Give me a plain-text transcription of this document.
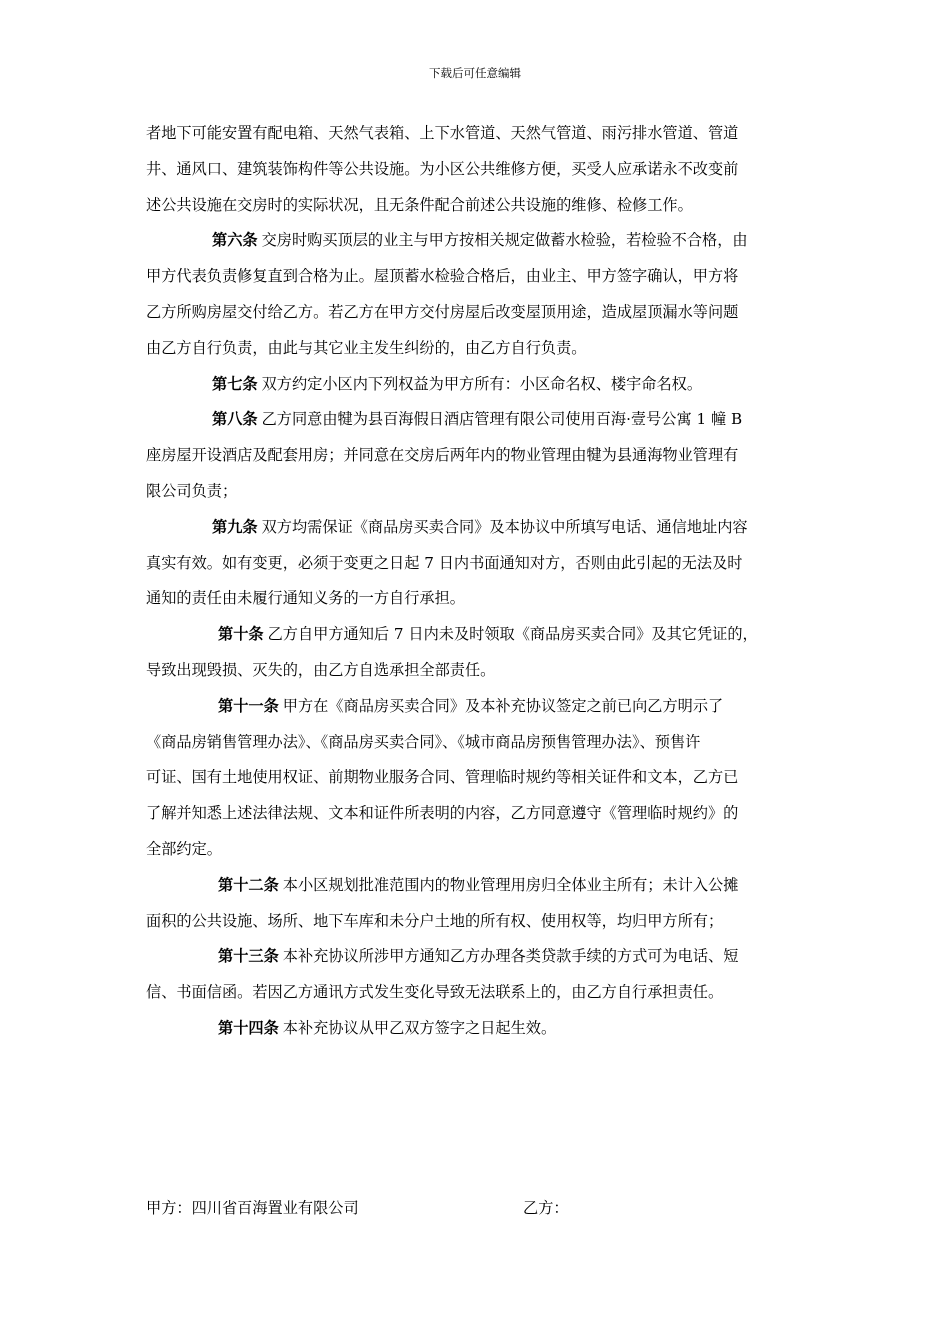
下载后可任意编辑
者地下可能安置有配电箱、天然气表箱、上下水管道、天然气管道、雨污排水管道、管道
井、通风口、建筑装饰构件等公共设施。为小区公共维修方便，买受人应承诺永不改变前
述公共设施在交房时的实际状况，且无条件配合前述公共设施的维修、检修工作。
第六条 交房时购买顶层的业主与甲方按相关规定做蓄水检验，若检验不合格，由
甲方代表负责修复直到合格为止。屋顶蓄水检验合格后，由业主、甲方签字确认，甲方将
乙方所购房屋交付给乙方。若乙方在甲方交付房屋后改变屋顶用途，造成屋顶漏水等问题
由乙方自行负责，由此与其它业主发生纠纷的，由乙方自行负责。
第七条 双方约定小区内下列权益为甲方所有：小区命名权、楼宇命名权。
第八条 乙方同意由犍为县百海假日酒店管理有限公司使用百海·壹号公寓 1 幢 B
座房屋开设酒店及配套用房；并同意在交房后两年内的物业管理由犍为县通海物业管理有
限公司负责；
第九条 双方均需保证《商品房买卖合同》及本协议中所填写电话、通信地址内容
真实有效。如有变更，必须于变更之日起 7 日内书面通知对方，否则由此引起的无法及时
通知的责任由未履行通知义务的一方自行承担。
第十条 乙方自甲方通知后 7 日内未及时领取《商品房买卖合同》及其它凭证的，
导致出现毁损、灭失的，由乙方自选承担全部责任。
第十一条 甲方在《商品房买卖合同》及本补充协议签定之前已向乙方明示了
《商品房销售管理办法》、《商品房买卖合同》、《城市商品房预售管理办法》、预售许
可证、国有土地使用权证、前期物业服务合同、管理临时规约等相关证件和文本，乙方已
了解并知悉上述法律法规、文本和证件所表明的内容，乙方同意遵守《管理临时规约》的
全部约定。
第十二条 本小区规划批准范围内的物业管理用房归全体业主所有；未计入公摊
面积的公共设施、场所、地下车库和未分户土地的所有权、使用权等，均归甲方所有；
第十三条 本补充协议所涉甲方通知乙方办理各类贷款手续的方式可为电话、短
信、书面信函。若因乙方通讯方式发生变化导致无法联系上的，由乙方自行承担责任。
第十四条 本补充协议从甲乙双方签字之日起生效。
甲方：四川省百海置业有限公司	乙方：
